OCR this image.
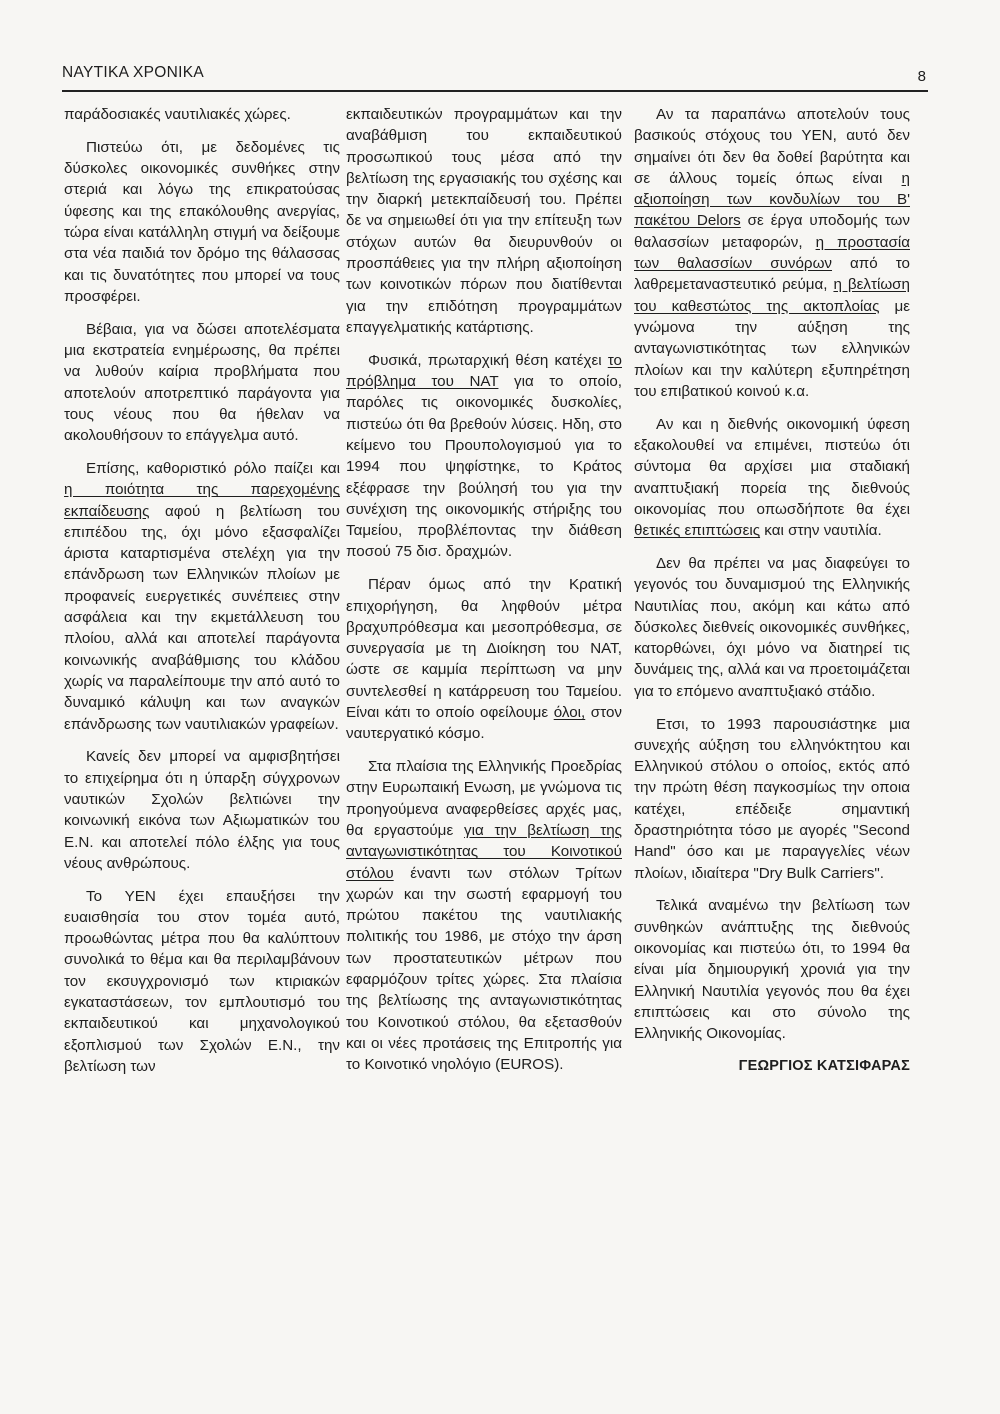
ΝΑΥΤΙΚΑ ΧΡΟΝΙΚΑ	8

παράδοσιακές ναυτιλιακές χώρες.

Πιστεύω ότι, με δεδομένες τις δύσκολες οικονομικές συνθήκες στην στεριά και λόγω της επικρατούσας ύφεσης και της επακόλουθης ανεργίας, τώρα είναι κατάλληλη στιγμή να δείξουμε στα νέα παιδιά τον δρόμο της θάλασσας και τις δυνατότητες που μπορεί να τους προσφέρει.

Βέβαια, για να δώσει αποτελέσματα μια εκστρατεία ενημέρωσης, θα πρέπει να λυθούν καίρια προβλήματα που αποτελούν αποτρεπτικό παράγοντα για τους νέους που θα ήθελαν να ακολουθήσουν το επάγγελμα αυτό.

Επίσης, καθοριστικό ρόλο παίζει και η ποιότητα της παρεχομένης εκπαίδευσης αφού η βελτίωση του επιπέδου της, όχι μόνο εξασφαλίζει άριστα καταρτισμένα στελέχη για την επάνδρωση των Ελληνικών πλοίων με προφανείς ευεργετικές συνέπειες στην ασφάλεια και την εκμετάλλευση του πλοίου, αλλά και αποτελεί παράγοντα κοινωνικής αναβάθμισης του κλάδου χωρίς να παραλείπουμε την από αυτό το δυναμικό κάλυψη και των αναγκών επάνδρωσης των ναυτιλιακών γραφείων.

Κανείς δεν μπορεί να αμφισβητήσει το επιχείρημα ότι η ύπαρξη σύγχρονων ναυτικών Σχολών βελτιώνει την κοινωνική εικόνα των Αξιωματικών του Ε.Ν. και αποτελεί πόλο έλξης για τους νέους ανθρώπους.

Το ΥΕΝ έχει επαυξήσει την ευαισθησία του στον τομέα αυτό, προωθώντας μέτρα που θα καλύπτουν συνολικά το θέμα και θα περιλαμβάνουν τον εκσυγχρονισμό των κτιριακών εγκαταστάσεων, τον εμπλουτισμό του εκπαιδευτικού και μηχανολογικού εξοπλισμού των Σχολών Ε.Ν., την βελτίωση των

εκπαιδευτικών προγραμμάτων και την αναβάθμιση του εκπαιδευτικού προσωπικού τους μέσα από την βελτίωση της εργασιακής του σχέσης και την διαρκή μετεκπαίδευσή του. Πρέπει δε να σημειωθεί ότι για την επίτευξη των στόχων αυτών θα διευρυνθούν οι προσπάθειες για την πλήρη αξιοποίηση των κοινοτικών πόρων που διατίθενται για την επιδότηση προγραμμάτων επαγγελματικής κατάρτισης.

Φυσικά, πρωταρχική θέση κατέχει το πρόβλημα του ΝΑΤ για το οποίο, παρόλες τις οικονομικές δυσκολίες, πιστεύω ότι θα βρεθούν λύσεις. Ηδη, στο κείμενο του Προυπολογισμού για το 1994 που ψηφίστηκε, το Κράτος εξέφρασε την βούλησή του για την συνέχιση της οικονομικής στήριξης του Ταμείου, προβλέποντας την διάθεση ποσού 75 δισ. δραχμών.

Πέραν όμως από την Κρατική επιχορήγηση, θα ληφθούν μέτρα βραχυπρόθεσμα και μεσοπρόθεσμα, σε συνεργασία με τη Διοίκηση του ΝΑΤ, ώστε σε καμμία περίπτωση να μην συντελεσθεί η κατάρρευση του Ταμείου. Είναι κάτι το οποίο οφείλουμε όλοι, στον ναυτεργατικό κόσμο.

Στα πλαίσια της Ελληνικής Προεδρίας στην Ευρωπαική Ενωση, με γνώμονα τις προηγούμενα αναφερθείσες αρχές μας, θα εργαστούμε για την βελτίωση της ανταγωνιστικότητας του Κοινοτικού στόλου έναντι των στόλων Τρίτων χωρών και την σωστή εφαρμογή του πρώτου πακέτου της ναυτιλιακής πολιτικής του 1986, με στόχο την άρση των προστατευτικών μέτρων που εφαρμόζουν τρίτες χώρες. Στα πλαίσια της βελτίωσης της ανταγωνιστικότητας του Κοινοτικού στόλου, θα εξετασθούν και οι νέες προτάσεις της Επιτροπής για το Κοινοτικό νηολόγιο (EUROS).

Αν τα παραπάνω αποτελούν τους βασικούς στόχους του ΥΕΝ, αυτό δεν σημαίνει ότι δεν θα δοθεί βαρύτητα και σε άλλους τομείς όπως είναι η αξιοποίηση των κονδυλίων του Β' πακέτου Delors σε έργα υποδομής των θαλασσίων μεταφορών, η προστασία των θαλασσίων συνόρων από το λαθρεμεταναστευτικό ρεύμα, η βελτίωση του καθεστώτος της ακτοπλοίας με γνώμονα την αύξηση της ανταγωνιστικότητας των ελληνικών πλοίων και την καλύτερη εξυπηρέτηση του επιβατικού κοινού κ.α.

Αν και η διεθνής οικονομική ύφεση εξακολουθεί να επιμένει, πιστεύω ότι σύντομα θα αρχίσει μια σταδιακή αναπτυξιακή πορεία της διεθνούς οικονομίας που οπωσδήποτε θα έχει θετικές επιπτώσεις και στην ναυτιλία.

Δεν θα πρέπει να μας διαφεύγει το γεγονός του δυναμισμού της Ελληνικής Ναυτιλίας που, ακόμη και κάτω από δύσκολες διεθνείς οικονομικές συνθήκες, κατορθώνει, όχι μόνο να διατηρεί τις δυνάμεις της, αλλά και να προετοιμάζεται για το επόμενο αναπτυξιακό στάδιο.

Ετσι, το 1993 παρουσιάστηκε μια συνεχής αύξηση του ελληνόκτητου και Ελληνικού στόλου ο οποίος, εκτός από την πρώτη θέση παγκοσμίως την οποια κατέχει, επέδειξε σημαντική δραστηριότητα τόσο με αγορές "Second Hand" όσο και με παραγγελίες νέων πλοίων, ιδιαίτερα "Dry Bulk Carriers".

Τελικά αναμένω την βελτίωση των συνθηκών ανάπτυξης της διεθνούς οικονομίας και πιστεύω ότι, το 1994 θα είναι μία δημιουργική χρονιά για την Ελληνική Ναυτιλία γεγονός που θα έχει επιπτώσεις και στο σύνολο της Ελληνικής Οικονομίας.

ΓΕΩΡΓΙΟΣ ΚΑΤΣΙΦΑΡΑΣ
